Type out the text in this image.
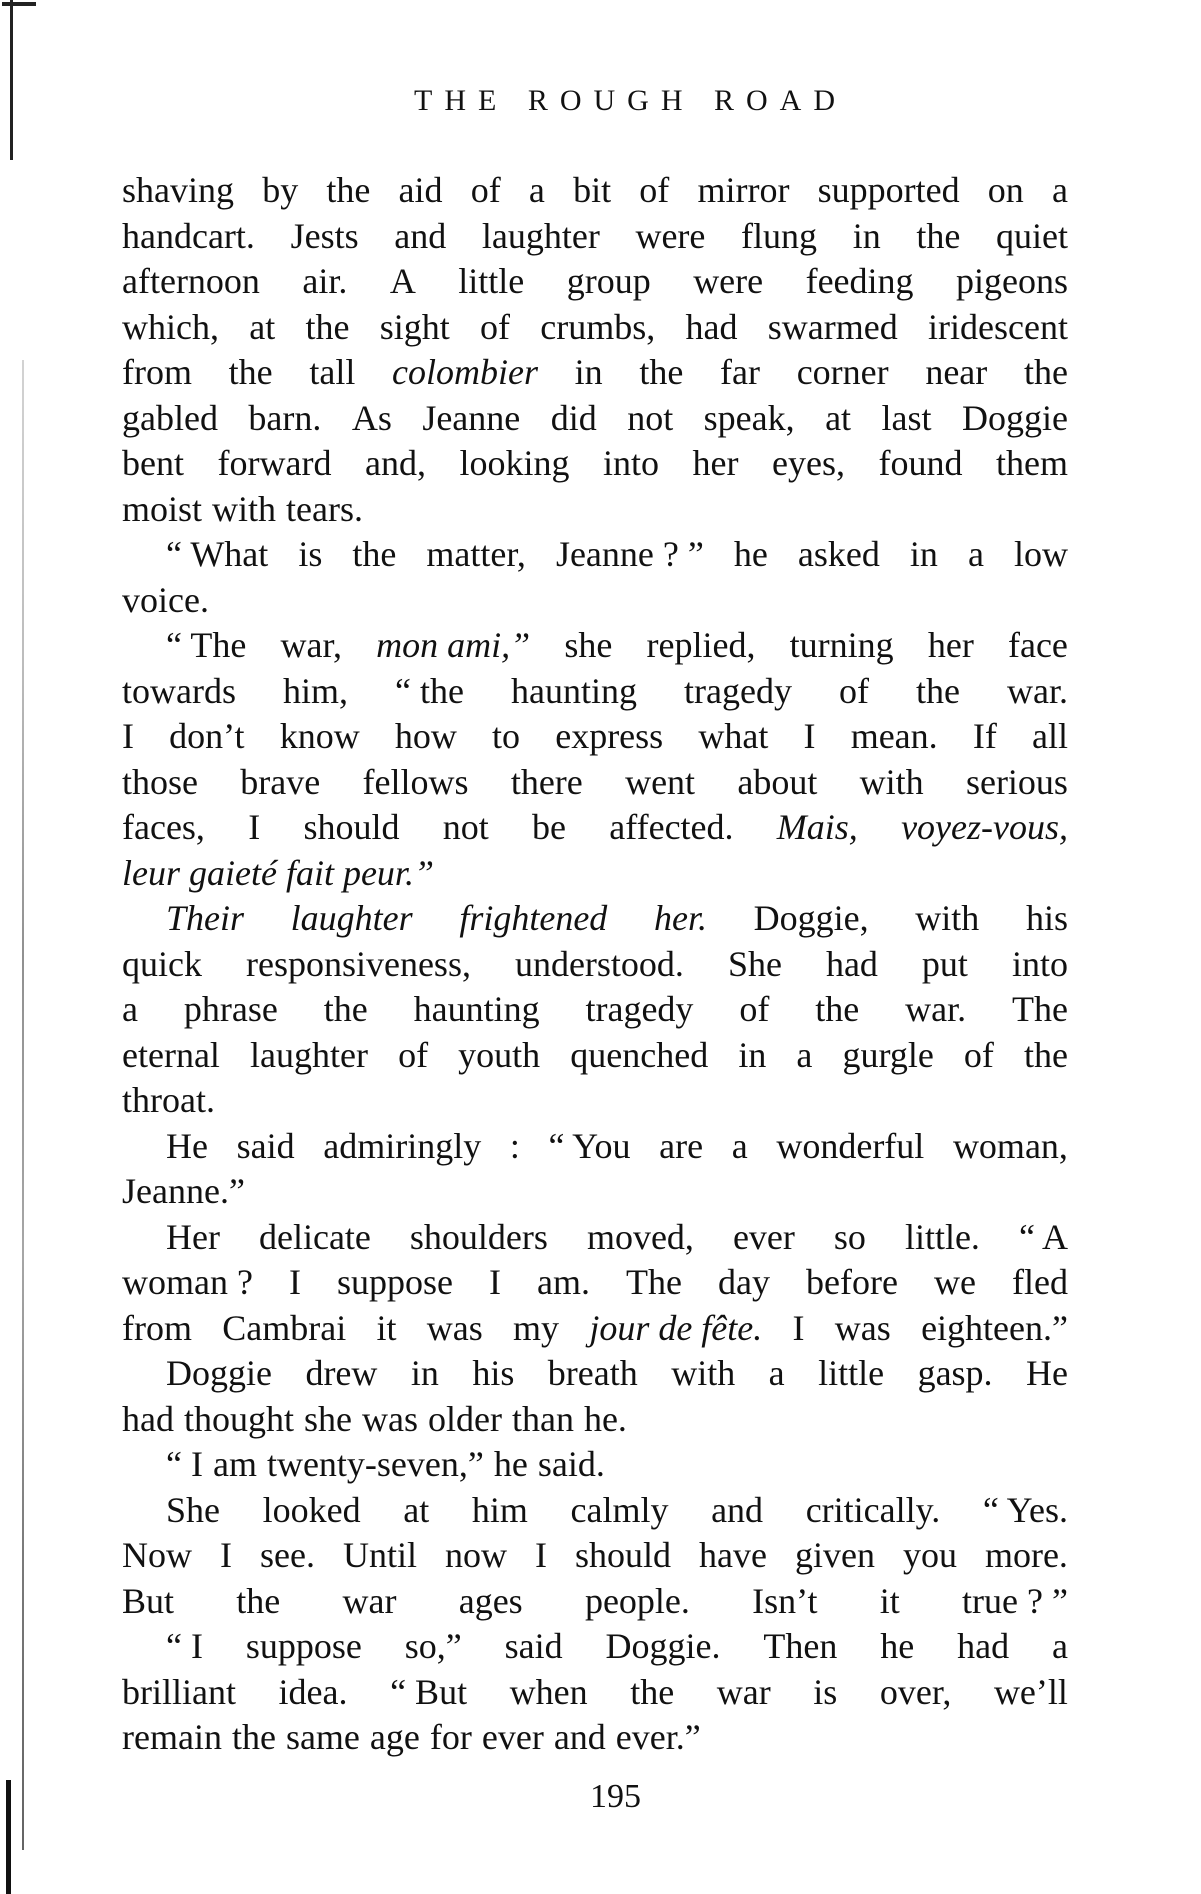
THE ROUGH ROAD
shaving by the aid of a bit of mirror supported on a
handcart. Jests and laughter were flung in the quiet
afternoon air. A little group were feeding pigeons
which, at the sight of crumbs, had swarmed iridescent
from the tall colombier in the far corner near the
gabled barn. As Jeanne did not speak, at last Doggie
bent forward and, looking into her eyes, found them
moist with tears.
“ What is the matter, Jeanne ? ” he asked in a low
voice.
“ The war, mon ami,” she replied, turning her face
towards him, “ the haunting tragedy of the war.
I don’t know how to express what I mean. If all
those brave fellows there went about with serious
faces, I should not be affected. Mais, voyez-vous,
leur gaieté fait peur.”
Their laughter frightened her. Doggie, with his
quick responsiveness, understood. She had put into
a phrase the haunting tragedy of the war. The
eternal laughter of youth quenched in a gurgle of the
throat.
He said admiringly : “ You are a wonderful woman,
Jeanne.”
Her delicate shoulders moved, ever so little. “ A
woman ? I suppose I am. The day before we fled
from Cambrai it was my jour de fête. I was eighteen.”
Doggie drew in his breath with a little gasp. He
had thought she was older than he.
“ I am twenty-seven,” he said.
She looked at him calmly and critically. “ Yes.
Now I see. Until now I should have given you more.
But the war ages people. Isn’t it true ? ”
“ I suppose so,” said Doggie. Then he had a
brilliant idea. “ But when the war is over, we’ll
remain the same age for ever and ever.”
195
